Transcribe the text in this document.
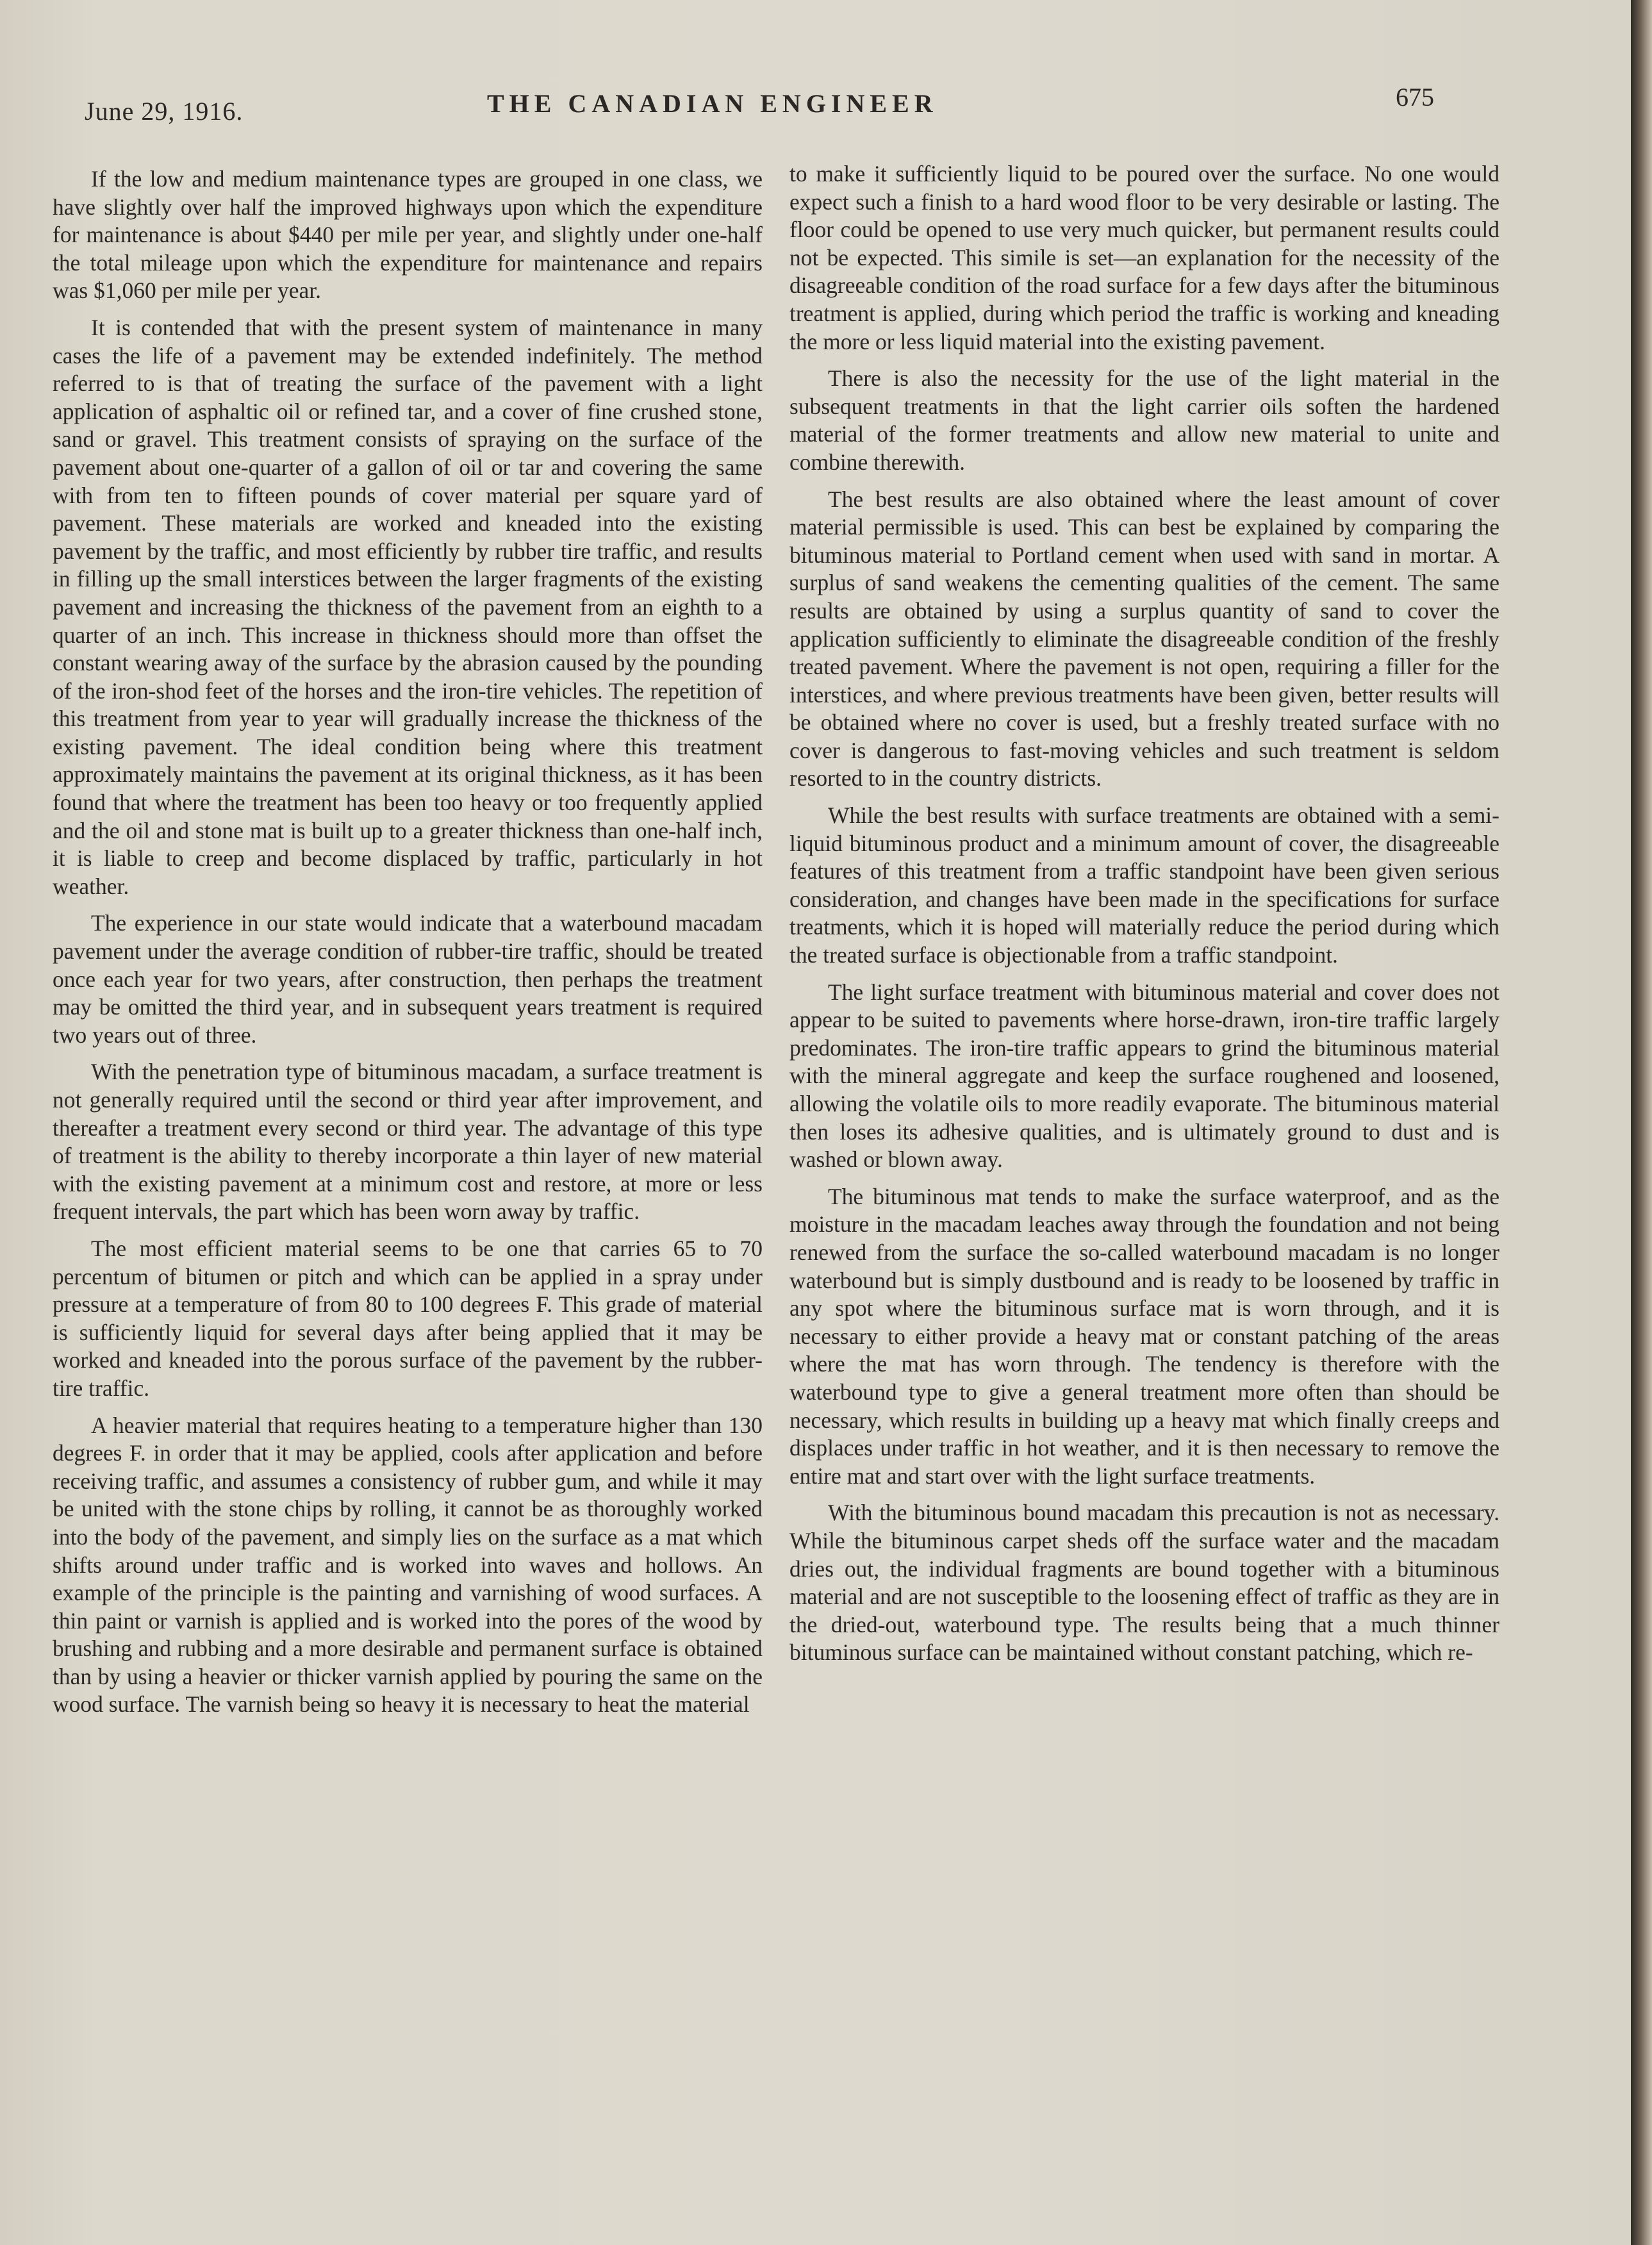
June 29, 1916.	THE CANADIAN ENGINEER	675

If the low and medium maintenance types are grouped in one class, we have slightly over half the improved highways upon which the expenditure for maintenance is about $440 per mile per year, and slightly under one-half the total mileage upon which the expenditure for maintenance and repairs was $1,060 per mile per year.

It is contended that with the present system of maintenance in many cases the life of a pavement may be extended indefinitely. The method referred to is that of treating the surface of the pavement with a light application of asphaltic oil or refined tar, and a cover of fine crushed stone, sand or gravel. This treatment consists of spraying on the surface of the pavement about one-quarter of a gallon of oil or tar and covering the same with from ten to fifteen pounds of cover material per square yard of pavement. These materials are worked and kneaded into the existing pavement by the traffic, and most efficiently by rubber tire traffic, and results in filling up the small interstices between the larger fragments of the existing pavement and increasing the thickness of the pavement from an eighth to a quarter of an inch. This increase in thickness should more than offset the constant wearing away of the surface by the abrasion caused by the pounding of the iron-shod feet of the horses and the iron-tire vehicles. The repetition of this treatment from year to year will gradually increase the thickness of the existing pavement. The ideal condition being where this treatment approximately maintains the pavement at its original thickness, as it has been found that where the treatment has been too heavy or too frequently applied and the oil and stone mat is built up to a greater thickness than one-half inch, it is liable to creep and become displaced by traffic, particularly in hot weather.

The experience in our state would indicate that a waterbound macadam pavement under the average condition of rubber-tire traffic, should be treated once each year for two years, after construction, then perhaps the treatment may be omitted the third year, and in subsequent years treatment is required two years out of three.

With the penetration type of bituminous macadam, a surface treatment is not generally required until the second or third year after improvement, and thereafter a treatment every second or third year. The advantage of this type of treatment is the ability to thereby incorporate a thin layer of new material with the existing pavement at a minimum cost and restore, at more or less frequent intervals, the part which has been worn away by traffic.

The most efficient material seems to be one that carries 65 to 70 percentum of bitumen or pitch and which can be applied in a spray under pressure at a temperature of from 80 to 100 degrees F. This grade of material is sufficiently liquid for several days after being applied that it may be worked and kneaded into the porous surface of the pavement by the rubber-tire traffic.

A heavier material that requires heating to a temperature higher than 130 degrees F. in order that it may be applied, cools after application and before receiving traffic, and assumes a consistency of rubber gum, and while it may be united with the stone chips by rolling, it cannot be as thoroughly worked into the body of the pavement, and simply lies on the surface as a mat which shifts around under traffic and is worked into waves and hollows. An example of the principle is the painting and varnishing of wood surfaces. A thin paint or varnish is applied and is worked into the pores of the wood by brushing and rubbing and a more desirable and permanent surface is obtained than by using a heavier or thicker varnish applied by pouring the same on the wood surface. The varnish being so heavy it is necessary to heat the material

to make it sufficiently liquid to be poured over the surface. No one would expect such a finish to a hard wood floor to be very desirable or lasting. The floor could be opened to use very much quicker, but permanent results could not be expected. This simile is set—an explanation for the necessity of the disagreeable condition of the road surface for a few days after the bituminous treatment is applied, during which period the traffic is working and kneading the more or less liquid material into the existing pavement.

There is also the necessity for the use of the light material in the subsequent treatments in that the light carrier oils soften the hardened material of the former treatments and allow new material to unite and combine therewith.

The best results are also obtained where the least amount of cover material permissible is used. This can best be explained by comparing the bituminous material to Portland cement when used with sand in mortar. A surplus of sand weakens the cementing qualities of the cement. The same results are obtained by using a surplus quantity of sand to cover the application sufficiently to eliminate the disagreeable condition of the freshly treated pavement. Where the pavement is not open, requiring a filler for the interstices, and where previous treatments have been given, better results will be obtained where no cover is used, but a freshly treated surface with no cover is dangerous to fast-moving vehicles and such treatment is seldom resorted to in the country districts.

While the best results with surface treatments are obtained with a semi-liquid bituminous product and a minimum amount of cover, the disagreeable features of this treatment from a traffic standpoint have been given serious consideration, and changes have been made in the specifications for surface treatments, which it is hoped will materially reduce the period during which the treated surface is objectionable from a traffic standpoint.

The light surface treatment with bituminous material and cover does not appear to be suited to pavements where horse-drawn, iron-tire traffic largely predominates. The iron-tire traffic appears to grind the bituminous material with the mineral aggregate and keep the surface roughened and loosened, allowing the volatile oils to more readily evaporate. The bituminous material then loses its adhesive qualities, and is ultimately ground to dust and is washed or blown away.

The bituminous mat tends to make the surface waterproof, and as the moisture in the macadam leaches away through the foundation and not being renewed from the surface the so-called waterbound macadam is no longer waterbound but is simply dustbound and is ready to be loosened by traffic in any spot where the bituminous surface mat is worn through, and it is necessary to either provide a heavy mat or constant patching of the areas where the mat has worn through. The tendency is therefore with the waterbound type to give a general treatment more often than should be necessary, which results in building up a heavy mat which finally creeps and displaces under traffic in hot weather, and it is then necessary to remove the entire mat and start over with the light surface treatments.

With the bituminous bound macadam this precaution is not as necessary. While the bituminous carpet sheds off the surface water and the macadam dries out, the individual fragments are bound together with a bituminous material and are not susceptible to the loosening effect of traffic as they are in the dried-out, waterbound type. The results being that a much thinner bituminous surface can be maintained without constant patching, which re-
